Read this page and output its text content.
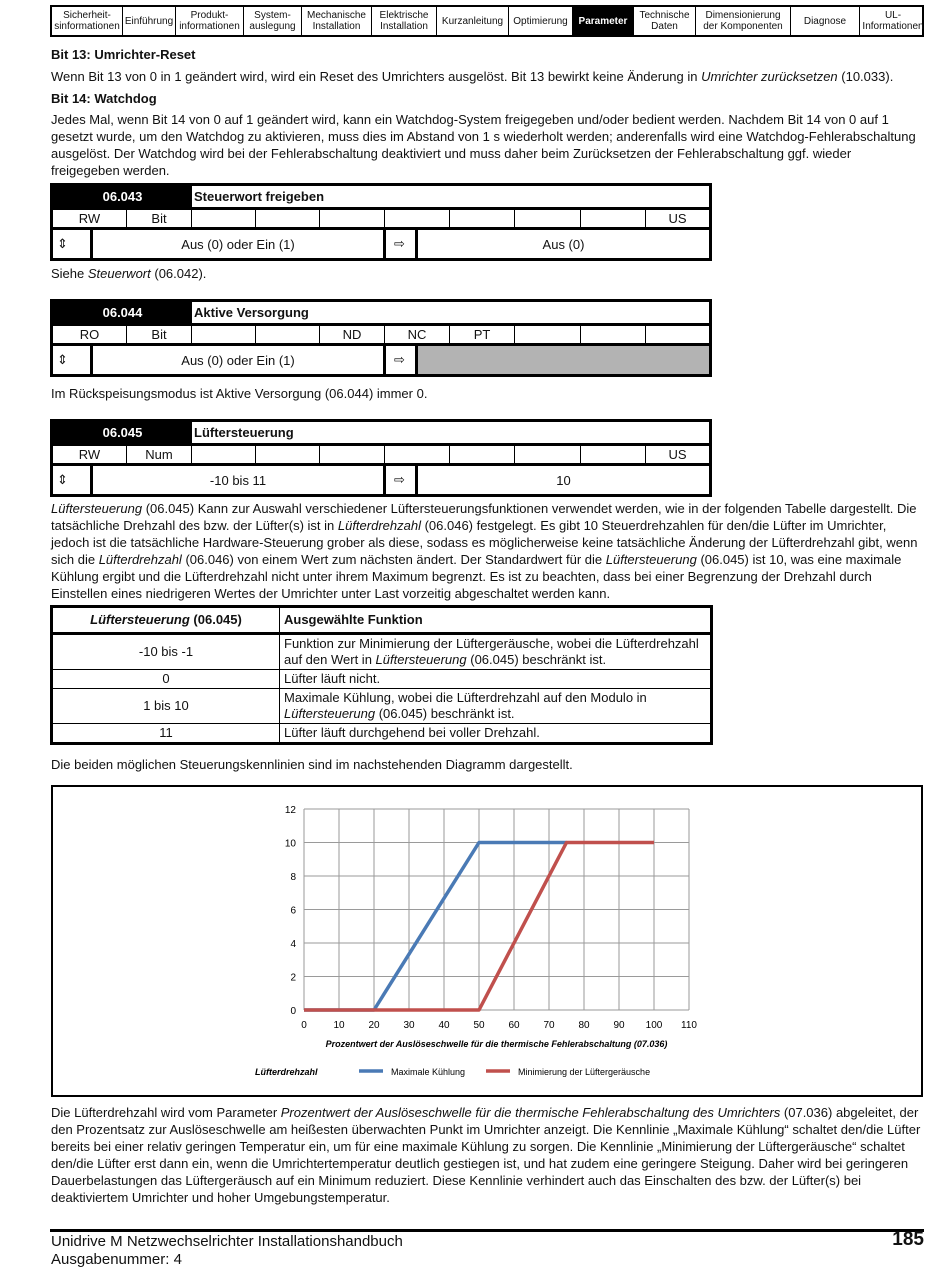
Sicherheit-
sinformationen Einführung	Produkt-
informationen
System-
auslegung
Mechanische
Installation
Elektrische
Installation	Kurzanleitung	Optimierung	Parameter	Technische
Daten
Dimensionierung
der Komponenten	Diagnose	UL-
Informationen
Bit 13: Umrichter-Reset
Wenn Bit 13 von 0 in 1 geändert wird, wird ein Reset des Umrichters ausgelöst. Bit 13 bewirkt keine Änderung in Umrichter zurücksetzen (10.033).
Bit 14: Watchdog
Jedes Mal, wenn Bit 14 von 0 auf 1 geändert wird, kann ein Watchdog-System freigegeben und/oder bedient werden. Nachdem Bit 14 von 0 auf 1 gesetzt wurde, um den Watchdog zu aktivieren, muss dies im Abstand von 1 s wiederholt werden; anderenfalls wird eine Watchdog-Fehlerabschaltung ausgelöst. Der Watchdog wird bei der Fehlerabschaltung deaktiviert und muss daher beim Zurücksetzen der Fehlerabschaltung ggf. wieder freigegeben werden.
06.043	Steuerwort freigeben
RW	Bit	US
⇕	Aus (0) oder Ein (1)	⇨	Aus (0)
Siehe Steuerwort (06.042).
06.044	Aktive Versorgung
RO	Bit	ND	NC	PT
⇕	Aus (0) oder Ein (1)	⇨
Im Rückspeisungsmodus ist Aktive Versorgung (06.044) immer 0.
06.045	Lüftersteuerung
RW	Num	US
⇕	-10 bis 11	⇨	10
Lüftersteuerung (06.045) Kann zur Auswahl verschiedener Lüftersteuerungsfunktionen verwendet werden, wie in der folgenden Tabelle dargestellt. Die tatsächliche Drehzahl des bzw. der Lüfter(s) ist in Lüfterdrehzahl (06.046) festgelegt. Es gibt 10 Steuerdrehzahlen für den/die Lüfter im Umrichter, jedoch ist die tatsächliche Hardware-Steuerung grober als diese, sodass es möglicherweise keine tatsächliche Änderung der Lüfterdrehzahl gibt, wenn sich die Lüfterdrehzahl (06.046) von einem Wert zum nächsten ändert. Der Standardwert für die Lüftersteuerung (06.045) ist 10, was eine maximale Kühlung ergibt und die Lüfterdrehzahl nicht unter ihrem Maximum begrenzt. Es ist zu beachten, dass bei einer Begrenzung der Drehzahl durch Einstellen eines niedrigeren Wertes der Umrichter unter Last vorzeitig abgeschaltet werden kann.
Lüftersteuerung (06.045)	Ausgewählte Funktion
-10 bis -1	Funktion zur Minimierung der Lüftergeräusche, wobei die Lüfterdrehzahl auf den Wert in Lüftersteuerung (06.045) beschränkt ist.
0	Lüfter läuft nicht.
1 bis 10	Maximale Kühlung, wobei die Lüfterdrehzahl auf den Modulo in Lüftersteuerung (06.045) beschränkt ist.
11	Lüfter läuft durchgehend bei voller Drehzahl.
Die beiden möglichen Steuerungskennlinien sind im nachstehenden Diagramm dargestellt.
0	10 20 30 40 50 60 70 80 90 100 110
0
2
4
6
8
10
12
Prozentwert der Auslöseschwelle für die thermische Fehlerabschaltung (07.036)
Lüfterdrehzahl	Maximale Kühlung	Minimierung der Lüftergeräusche
Die Lüfterdrehzahl wird vom Parameter Prozentwert der Auslöseschwelle für die thermische Fehlerabschaltung des Umrichters (07.036) abgeleitet, der den Prozentsatz zur Auslöseschwelle am heißesten überwachten Punkt im Umrichter anzeigt. Die Kennlinie „Maximale Kühlung“ schaltet den/die Lüfter bereits bei einer relativ geringen Temperatur ein, um für eine maximale Kühlung zu sorgen. Die Kennlinie „Minimierung der Lüftergeräusche“ schaltet den/die Lüfter erst dann ein, wenn die Umrichtertemperatur deutlich gestiegen ist, und hat zudem eine geringere Steigung. Daher wird bei geringeren Dauerbelastungen das Lüftergeräusch auf ein Minimum reduziert. Diese Kennlinie verhindert auch das Einschalten des bzw. der Lüfter(s) bei deaktiviertem Umrichter und hoher Umgebungstemperatur.
Unidrive M Netzwechselrichter Installationshandbuch
Ausgabenummer: 4
185
